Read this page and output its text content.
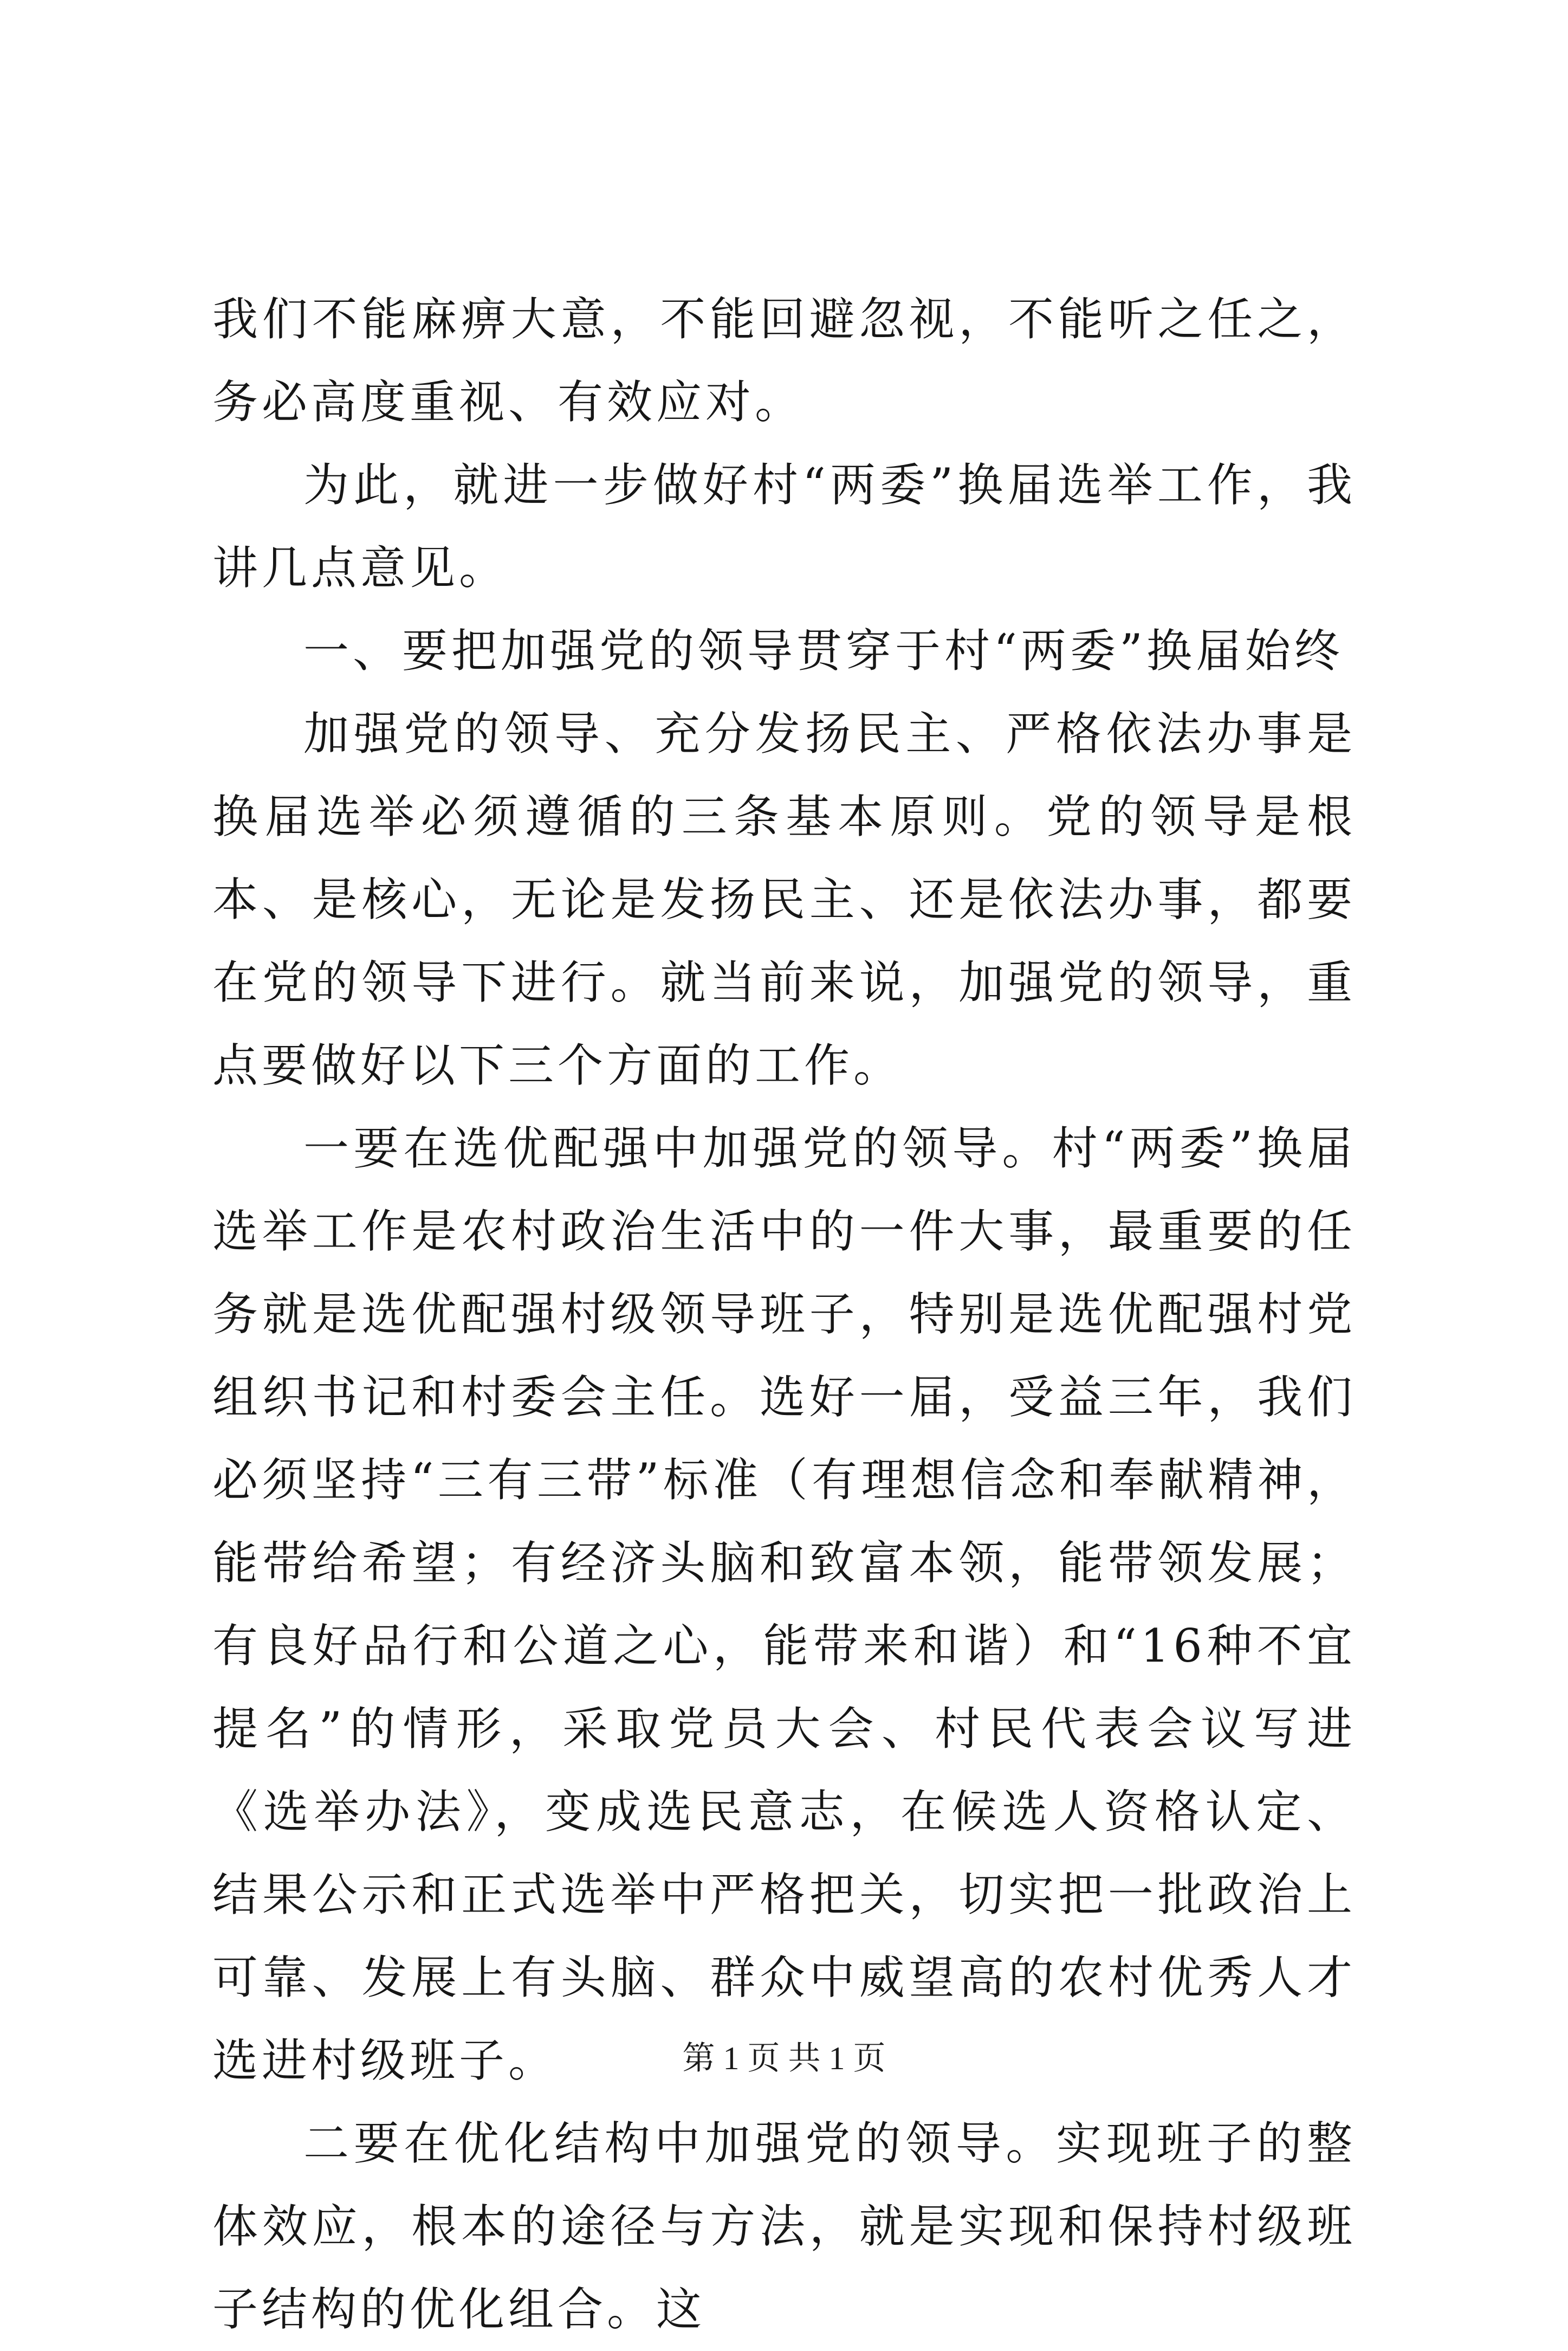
我们不能麻痹大意，不能回避忽视，不能听之任之，务必高度重视、有效应对。

为此，就进一步做好村“两委”换届选举工作，我讲几点意见。

一、要把加强党的领导贯穿于村“两委”换届始终

加强党的领导、充分发扬民主、严格依法办事是换届选举必须遵循的三条基本原则。党的领导是根本、是核心，无论是发扬民主、还是依法办事，都要在党的领导下进行。就当前来说，加强党的领导，重点要做好以下三个方面的工作。

一要在选优配强中加强党的领导。村“两委”换届选举工作是农村政治生活中的一件大事，最重要的任务就是选优配强村级领导班子，特别是选优配强村党组织书记和村委会主任。选好一届，受益三年，我们必须坚持“三有三带”标准（有理想信念和奉献精神，能带给希望；有经济头脑和致富本领，能带领发展；有良好品行和公道之心，能带来和谐）和“16种不宜提名”的情形，采取党员大会、村民代表会议写进《选举办法》，变成选民意志，在候选人资格认定、结果公示和正式选举中严格把关，切实把一批政治上可靠、发展上有头脑、群众中威望高的农村优秀人才选进村级班子。

二要在优化结构中加强党的领导。实现班子的整体效应，根本的途径与方法，就是实现和保持村级班子结构的优化组合。这

第 1 页 共 1 页
